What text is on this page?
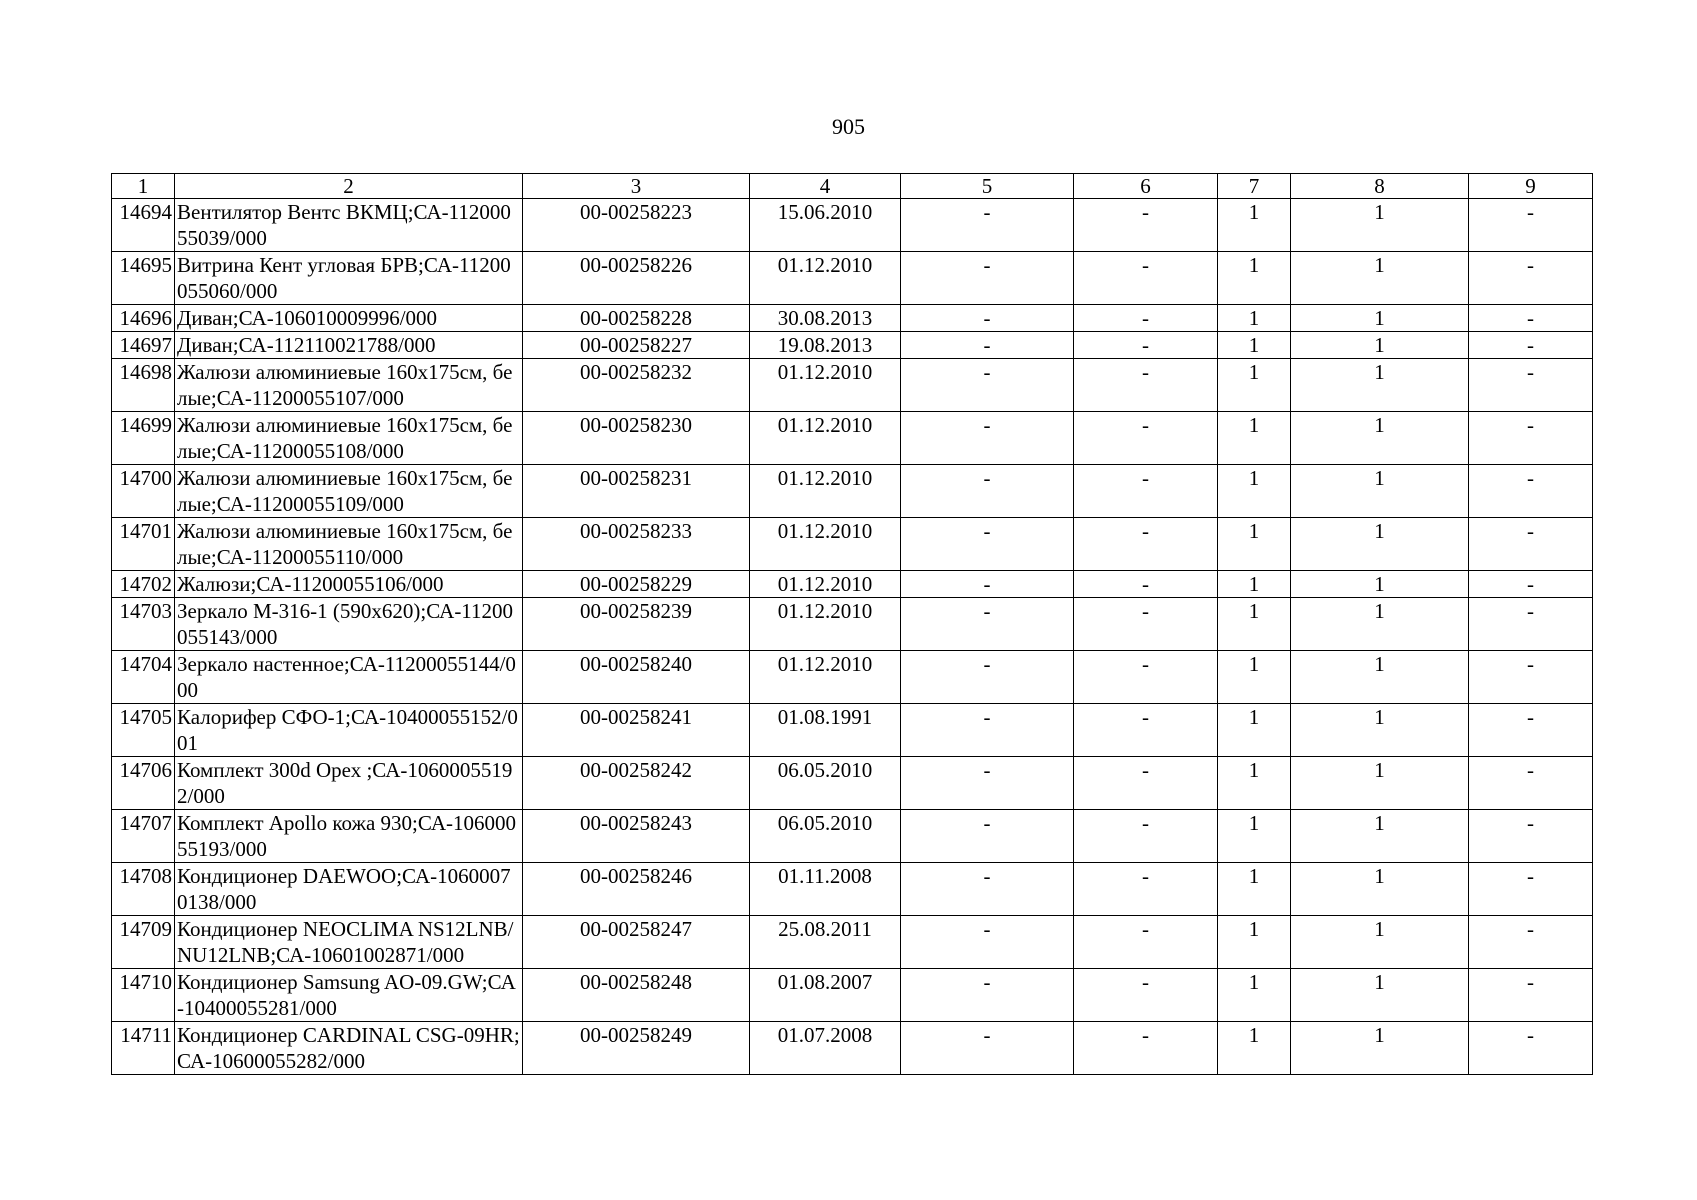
905
1	2	3	4	5	6	7	8	9
14694	Вентилятор Вентс ВКМЦ;СА-11200055039/000	00-00258223	15.06.2010	-	-	1	1	-
14695	Витрина Кент угловая БРВ;СА-11200055060/000	00-00258226	01.12.2010	-	-	1	1	-
14696	Диван;СА-106010009996/000	00-00258228	30.08.2013	-	-	1	1	-
14697	Диван;СА-112110021788/000	00-00258227	19.08.2013	-	-	1	1	-
14698	Жалюзи алюминиевые 160х175см, белые;СА-11200055107/000	00-00258232	01.12.2010	-	-	1	1	-
14699	Жалюзи алюминиевые 160х175см, белые;СА-11200055108/000	00-00258230	01.12.2010	-	-	1	1	-
14700	Жалюзи алюминиевые 160х175см, белые;СА-11200055109/000	00-00258231	01.12.2010	-	-	1	1	-
14701	Жалюзи алюминиевые 160х175см, белые;СА-11200055110/000	00-00258233	01.12.2010	-	-	1	1	-
14702	Жалюзи;СА-11200055106/000	00-00258229	01.12.2010	-	-	1	1	-
14703	Зеркало М-316-1 (590х620);СА-11200055143/000	00-00258239	01.12.2010	-	-	1	1	-
14704	Зеркало настенное;СА-11200055144/000	00-00258240	01.12.2010	-	-	1	1	-
14705	Калорифер СФО-1;СА-10400055152/001	00-00258241	01.08.1991	-	-	1	1	-
14706	Комплект 300d Орех ;СА-10600055192/000	00-00258242	06.05.2010	-	-	1	1	-
14707	Комплект Apollo кожа 930;СА-10600055193/000	00-00258243	06.05.2010	-	-	1	1	-
14708	Кондиционер DAEWOO;СА-10600070138/000	00-00258246	01.11.2008	-	-	1	1	-
14709	Кондиционер NEOCLIMA NS12LNB/NU12LNB;СА-10601002871/000	00-00258247	25.08.2011	-	-	1	1	-
14710	Кондиционер Samsung AO-09.GW;СА-10400055281/000	00-00258248	01.08.2007	-	-	1	1	-
14711	Кондиционер CARDINAL CSG-09HR;СА-10600055282/000	00-00258249	01.07.2008	-	-	1	1	-
